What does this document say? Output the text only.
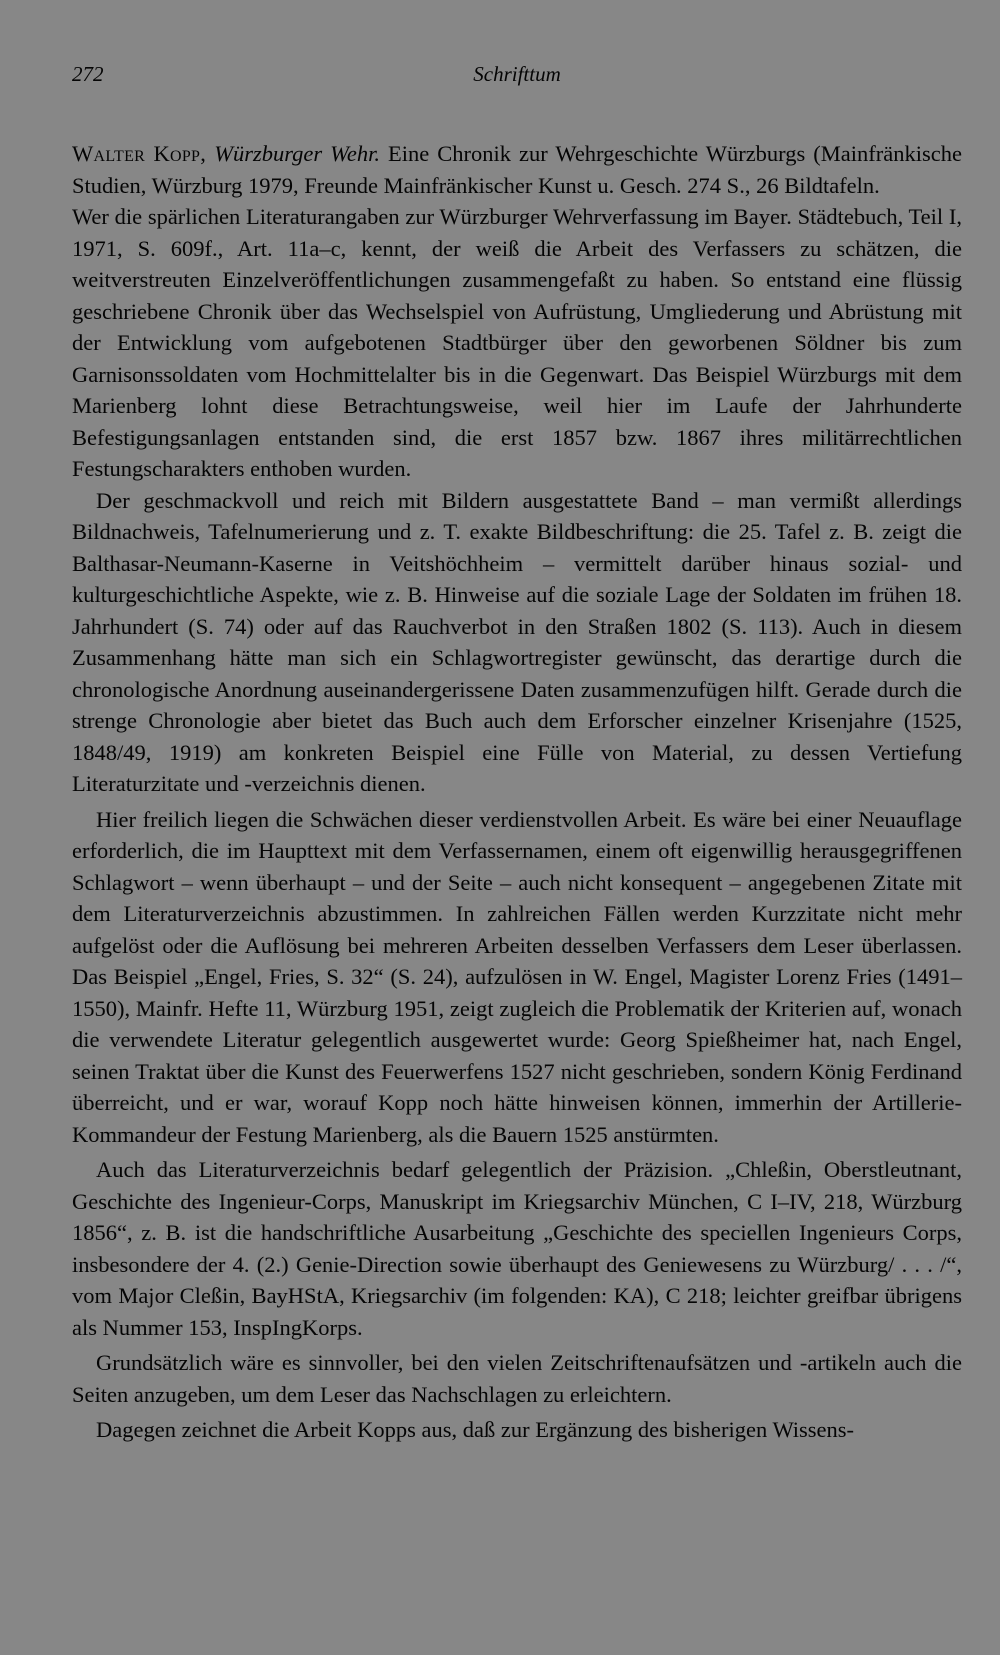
272	Schrifttum

Walter Kopp, Würzburger Wehr. Eine Chronik zur Wehrgeschichte Würzburgs (Mainfränkische Studien, Würzburg 1979, Freunde Mainfränkischer Kunst u. Gesch. 274 S., 26 Bildtafeln.

Wer die spärlichen Literaturangaben zur Würzburger Wehrverfassung im Bayer. Städtebuch, Teil I, 1971, S. 609f., Art. 11a–c, kennt, der weiß die Arbeit des Verfassers zu schätzen, die weitverstreuten Einzelveröffentlichungen zusammengefaßt zu haben. So entstand eine flüssig geschriebene Chronik über das Wechselspiel von Aufrüstung, Umgliederung und Abrüstung mit der Entwicklung vom aufgebotenen Stadtbürger über den geworbenen Söldner bis zum Garnisonssoldaten vom Hochmittelalter bis in die Gegenwart. Das Beispiel Würzburgs mit dem Marienberg lohnt diese Betrachtungsweise, weil hier im Laufe der Jahrhunderte Befestigungsanlagen entstanden sind, die erst 1857 bzw. 1867 ihres militärrechtlichen Festungscharakters enthoben wurden.

Der geschmackvoll und reich mit Bildern ausgestattete Band – man vermißt allerdings Bildnachweis, Tafelnumerierung und z. T. exakte Bildbeschriftung: die 25. Tafel z. B. zeigt die Balthasar-Neumann-Kaserne in Veitshöchheim – vermittelt darüber hinaus sozial- und kulturgeschichtliche Aspekte, wie z. B. Hinweise auf die soziale Lage der Soldaten im frühen 18. Jahrhundert (S. 74) oder auf das Rauchverbot in den Straßen 1802 (S. 113). Auch in diesem Zusammenhang hätte man sich ein Schlagwortregister gewünscht, das derartige durch die chronologische Anordnung auseinandergerissene Daten zusammenzufügen hilft. Gerade durch die strenge Chronologie aber bietet das Buch auch dem Erforscher einzelner Krisenjahre (1525, 1848/49, 1919) am konkreten Beispiel eine Fülle von Material, zu dessen Vertiefung Literaturzitate und -verzeichnis dienen.

Hier freilich liegen die Schwächen dieser verdienstvollen Arbeit. Es wäre bei einer Neuauflage erforderlich, die im Haupttext mit dem Verfassernamen, einem oft eigenwillig herausgegriffenen Schlagwort – wenn überhaupt – und der Seite – auch nicht konsequent – angegebenen Zitate mit dem Literaturverzeichnis abzustimmen. In zahlreichen Fällen werden Kurzzitate nicht mehr aufgelöst oder die Auflösung bei mehreren Arbeiten desselben Verfassers dem Leser überlassen. Das Beispiel „Engel, Fries, S. 32“ (S. 24), aufzulösen in W. Engel, Magister Lorenz Fries (1491–1550), Mainfr. Hefte 11, Würzburg 1951, zeigt zugleich die Problematik der Kriterien auf, wonach die verwendete Literatur gelegentlich ausgewertet wurde: Georg Spießheimer hat, nach Engel, seinen Traktat über die Kunst des Feuerwerfens 1527 nicht geschrieben, sondern König Ferdinand überreicht, und er war, worauf Kopp noch hätte hinweisen können, immerhin der Artillerie-Kommandeur der Festung Marienberg, als die Bauern 1525 anstürmten.

Auch das Literaturverzeichnis bedarf gelegentlich der Präzision. „Chleßin, Oberstleutnant, Geschichte des Ingenieur-Corps, Manuskript im Kriegsarchiv München, C I–IV, 218, Würzburg 1856“, z. B. ist die handschriftliche Ausarbeitung „Geschichte des speciellen Ingenieurs Corps, insbesondere der 4. (2.) Genie-Direction sowie überhaupt des Geniewesens zu Würzburg/ . . . /“, vom Major Cleßin, BayHStA, Kriegsarchiv (im folgenden: KA), C 218; leichter greifbar übrigens als Nummer 153, InspIngKorps.

Grundsätzlich wäre es sinnvoller, bei den vielen Zeitschriftenaufsätzen und -artikeln auch die Seiten anzugeben, um dem Leser das Nachschlagen zu erleichtern.

Dagegen zeichnet die Arbeit Kopps aus, daß zur Ergänzung des bisherigen Wissens-
